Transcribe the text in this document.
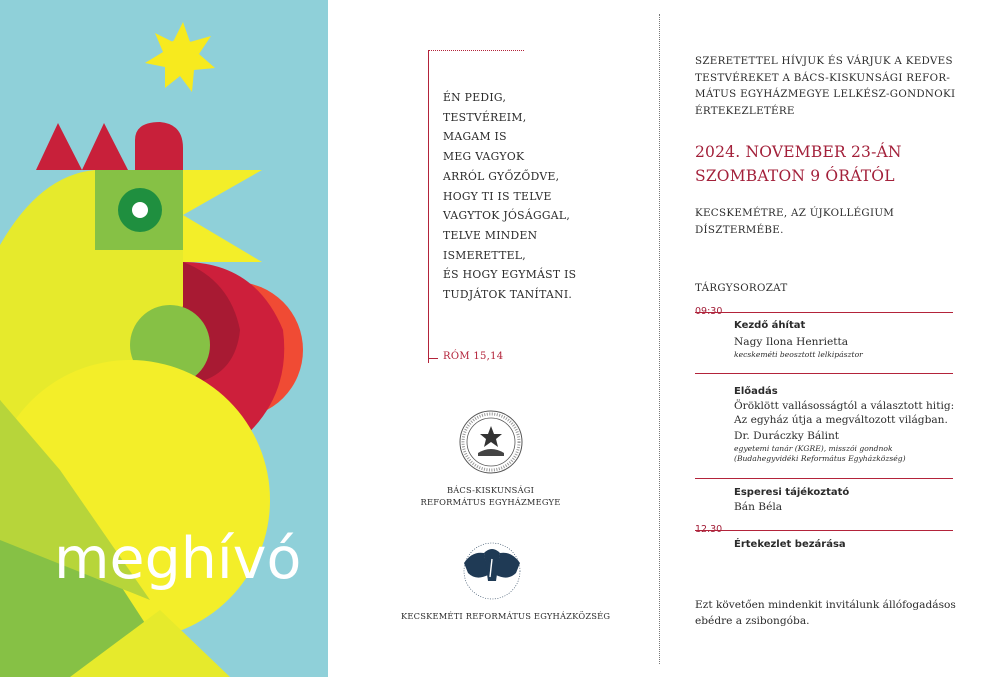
meghívó
ÉN PEDIG,
TESTVÉREIM,
MAGAM IS
MEG VAGYOK
ARRÓL GYŐZŐDVE,
HOGY TI IS TELVE
VAGYTOK JÓSÁGGAL,
TELVE MINDEN
ISMERETTEL,
ÉS HOGY EGYMÁST IS
TUDJÁTOK TANÍTANI.
RÓM 15,14
BÁCS-KISKUNSÁGI
REFORMÁTUS EGYHÁZMEGYE
KECSKEMÉTI REFORMÁTUS EGYHÁZKÖZSÉG
SZERETETTEL HÍVJUK ÉS VÁRJUK A KEDVES
TESTVÉREKET A BÁCS-KISKUNSÁGI REFOR-
MÁTUS EGYHÁZMEGYE LELKÉSZ-GONDNOKI
ÉRTEKEZLETÉRE
2024. NOVEMBER 23-ÁN
SZOMBATON 9 ÓRÁTÓL
KECSKEMÉTRE, AZ ÚJKOLLÉGIUM
DÍSZTERMÉBE.
TÁRGYSOROZAT
09:30
Kezdő áhítat
Nagy Ilona Henrietta
kecskeméti beosztott lelkipásztor
Előadás
Öröklött vallásosságtól a választott hitig:
Az egyház útja a megváltozott világban.
Dr. Duráczky Bálint
egyetemi tanár (KGRE), misszói gondnok
(Budahegyvidéki Református Egyházközség)
Esperesi tájékoztató
Bán Béla
12.30
Értekezlet bezárása
Ezt követően mindenkit invitálunk állófogadásos
ebédre a zsibongóba.
